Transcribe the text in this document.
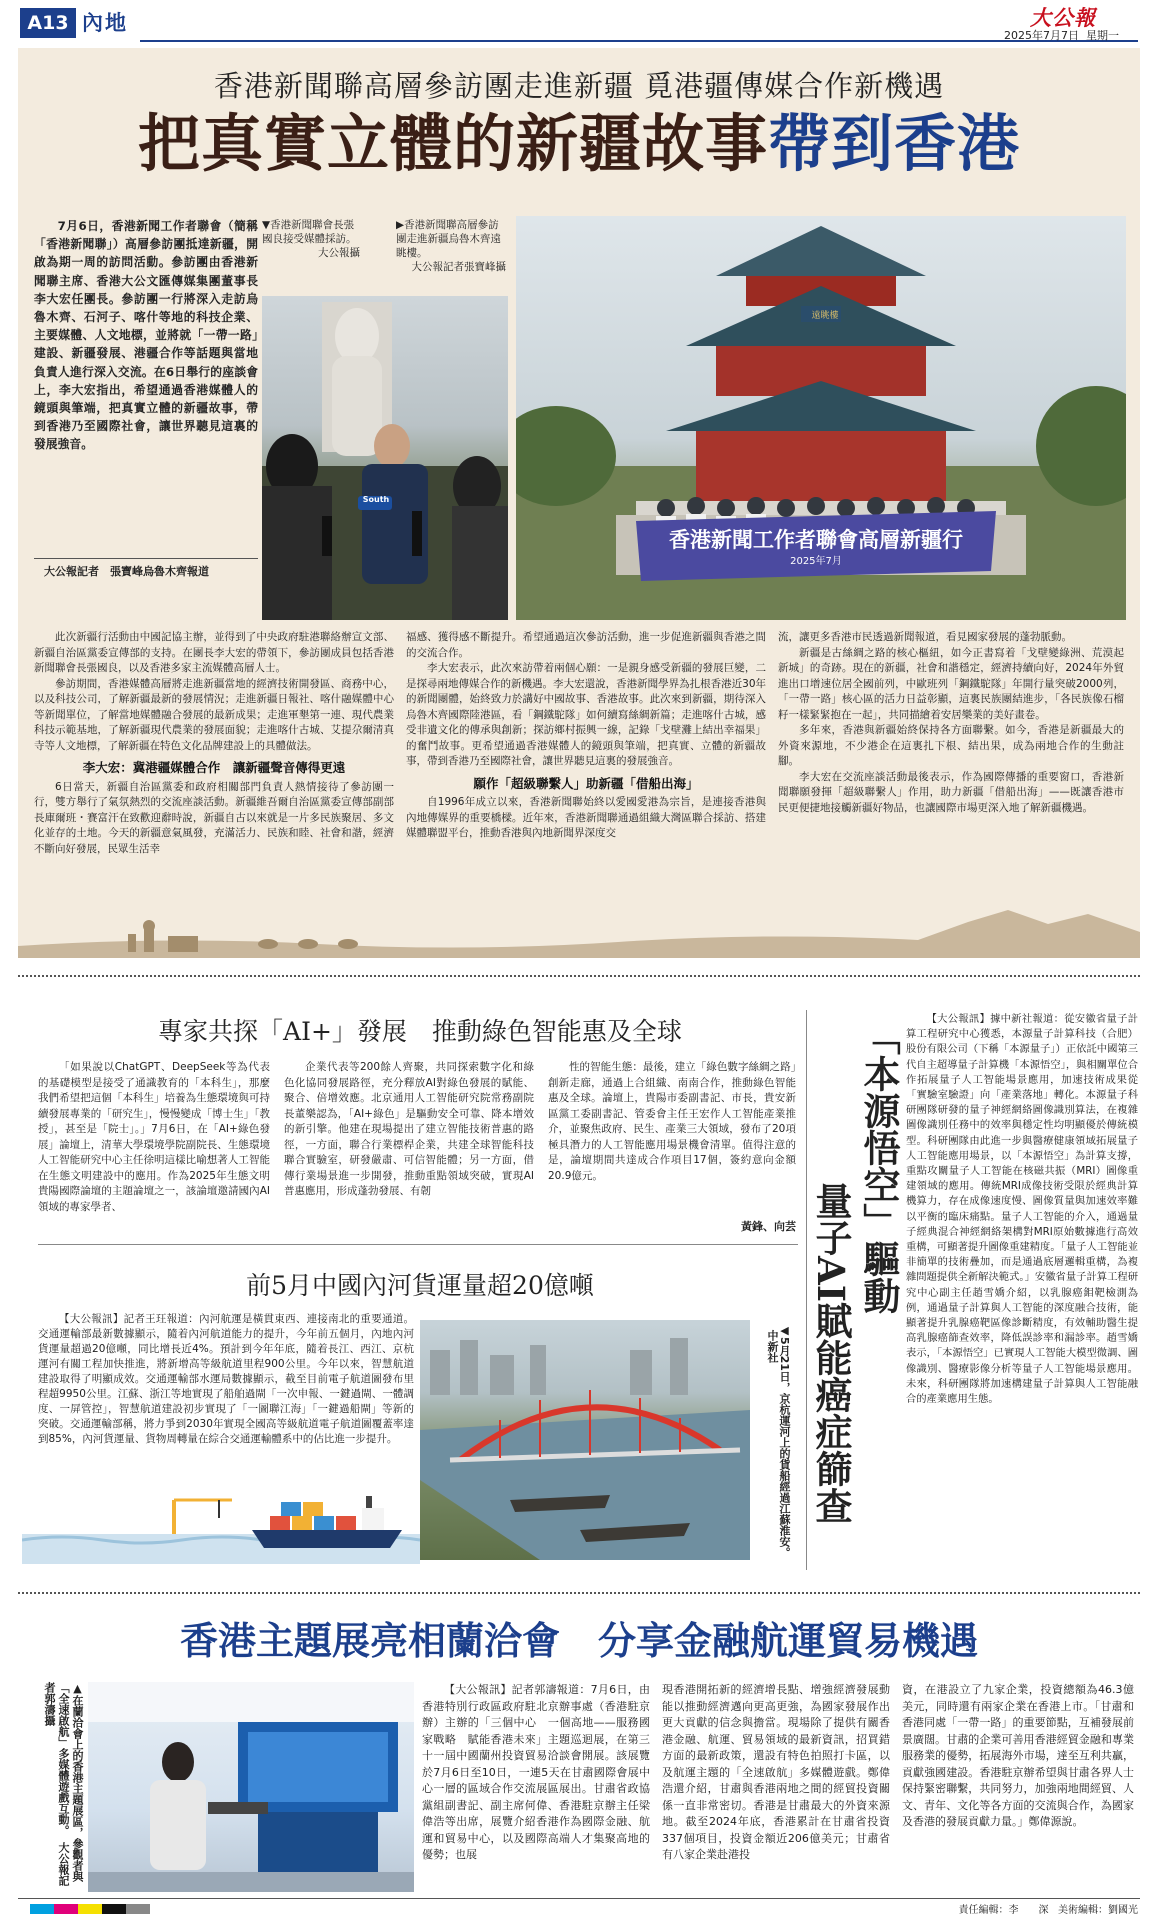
A13 內地	大公報
2025年7月7日 星期一
香港新聞聯高層參訪團走進新疆 覓港疆傳媒合作新機遇
把真實立體的新疆故事帶到香港

7月6日，香港新聞工作者聯會（簡稱「香港新聞聯」）高層參訪團抵達新疆，開啟為期一周的訪問活動。參訪團由香港新聞聯主席、香港大公文匯傳媒集團董事長李大宏任團長。參訪團一行將深入走訪烏魯木齊、石河子、喀什等地的科技企業、主要媒體、人文地標，並將就「一帶一路」建設、新疆發展、港疆合作等話題與當地負責人進行深入交流。在6日舉行的座談會上，李大宏指出，希望通過香港媒體人的鏡頭與筆端，把真實立體的新疆故事，帶到香港乃至國際社會，讓世界聽見這裏的發展強音。

大公報記者　張寶峰烏魯木齊報道
▼香港新聞聯會長張國良接受媒體採訪。

大公報攝
▶香港新聞聯高層參訪團走進新疆烏魯木齊遠眺樓。

大公報記者張寶峰攝
South
遠眺樓
香港新聞工作者聯會高層新疆行
2025年7月

此次新疆行活動由中國記協主辦，並得到了中央政府駐港聯絡辦宣文部、新疆自治區黨委宣傳部的支持。在團長李大宏的帶領下，參訪團成員包括香港新聞聯會長張國良，以及香港多家主流媒體高層人士。

參訪期間，香港媒體高層將走進新疆當地的經濟技術開發區、商務中心，以及科技公司，了解新疆最新的發展情況；走進新疆日報社、喀什融媒體中心等新聞單位，了解當地媒體融合發展的最新成果；走進軍墾第一連、現代農業科技示範基地，了解新疆現代農業的發展面貌；走進喀什古城、艾提尕爾清真寺等人文地標，了解新疆在特色文化品牌建設上的具體做法。

李大宏：冀港疆媒體合作　讓新疆聲音傳得更遠

6日當天，新疆自治區黨委和政府相關部門負責人熱情接待了參訪團一行，雙方舉行了氣氛熱烈的交流座談活動。新疆維吾爾自治區黨委宣傳部副部長庫爾班・賽富汗在致歡迎辭時說，新疆自古以來就是一片多民族聚居、多文化並存的土地。今天的新疆意氣風發，充滿活力、民族和睦、社會和諧，經濟不斷向好發展，民眾生活幸

福感、獲得感不斷提升。希望通過這次參訪活動，進一步促進新疆與香港之間的交流合作。

李大宏表示，此次來訪帶着兩個心願：一是親身感受新疆的發展巨變，二是探尋兩地傳媒合作的新機遇。李大宏還說，香港新聞學界為扎根香港近30年的新聞團體，始終致力於講好中國故事、香港故事。此次來到新疆，期待深入烏魯木齊國際陸港區，看「鋼鐵駝隊」如何續寫絲綢新篇；走進喀什古城，感受非遺文化的傳承與創新；探訪鄉村振興一線，記錄「戈壁灘上結出幸福果」的奮鬥故事。更希望通過香港媒體人的鏡頭與筆端，把真實、立體的新疆故事，帶到香港乃至國際社會，讓世界聽見這裏的發展強音。

願作「超級聯繫人」助新疆「借船出海」

自1996年成立以來，香港新聞聯始終以愛國愛港為宗旨，是連接香港與內地傳媒界的重要橋樑。近年來，香港新聞聯通過組織大灣區聯合採訪、搭建媒體聯盟平台，推動香港與內地新聞界深度交

流，讓更多香港市民透過新聞報道，看見國家發展的蓬勃脈動。

新疆是古絲綢之路的核心樞紐，如今正書寫着「戈壁變綠洲、荒漠起新城」的奇跡。現在的新疆，社會和諧穩定，經濟持續向好，2024年外貿進出口增速位居全國前列，中歐班列「鋼鐵駝隊」年開行量突破2000列，「一帶一路」核心區的活力日益彰顯，這裏民族團結進步，「各民族像石榴籽一樣緊緊抱在一起」，共同描繪着安居樂業的美好畫卷。

多年來，香港與新疆始終保持各方面聯繫。如今，香港是新疆最大的外資來源地，不少港企在這裏扎下根、結出果，成為兩地合作的生動註腳。

李大宏在交流座談活動最後表示，作為國際傳播的重要窗口，香港新聞聯願發揮「超級聯繫人」作用，助力新疆「借船出海」——既讓香港市民更便捷地接觸新疆好物品，也讓國際市場更深入地了解新疆機遇。

專家共探「AI+」發展　推動綠色智能惠及全球

「如果說以ChatGPT、DeepSeek等為代表的基礎模型是接受了通識教育的「本科生」，那麼我們希望把這個「本科生」培養為生態環境與可持續發展專業的「研究生」，慢慢變成「博士生」「教授」，甚至是「院士」。」7月6日，在「AI+綠色發展」論壇上，清華大學環境學院副院長、生態環境人工智能研究中心主任徐明這樣比喻想著人工智能在生態文明建設中的應用。作為2025年生態文明貴陽國際論壇的主題論壇之一，該論壇邀請國內AI領域的專家學者、

企業代表等200餘人齊聚，共同探索數字化和綠色化協同發展路徑，充分釋放AI對綠色發展的賦能、聚合、倍增效應。北京通用人工智能研究院常務副院長董樂認為，「AI+綠色」是驅動安全可靠、降本增效的新引擎。他建在現場提出了建立智能技術普惠的路徑，一方面，聯合行業標桿企業，共建全球智能科技聯合實驗室，研發嚴肅、可信智能體；另一方面，借傳行業場景進一步開發，推動重點領域突破，實現AI普惠應用，形成蓬勃發展、有韌

性的智能生態：最後，建立「綠色數字絲綢之路」創新走廊，通過上合組織、南南合作，推動綠色智能惠及全球。論壇上，貴陽市委副書記、市長，貴安新區黨工委副書記、管委會主任王宏作人工智能產業推介，並聚焦政府、民生、產業三大領域，發布了20項極具潛力的人工智能應用場景機會清單。值得注意的是，論壇期間共達成合作項目17個，簽約意向金額20.9億元。

黃鋒、向芸
前5月中國內河貨運量超20億噸

【大公報訊】記者王玨報道：內河航運是橫貫東西、連接南北的重要通道。交通運輸部最新數據顯示，隨着內河航道能力的提升，今年前五個月，內地內河貨運量超過20億噸，同比增長近4%。預計到今年年底，隨着長江、西江、京杭運河有關工程加快推進，將新增高等級航道里程900公里。今年以來，智慧航道建設取得了明顯成效。交通運輸部水運局數據顯示，截至目前電子航道圖發布里程超9950公里。江蘇、浙江等地實現了船舶過閘「一次申報、一鍵過閘、一體調度、一屏管控」，智慧航道建設初步實現了「一圖聯江海」「一鍵過船閘」等新的突破。交通運輸部稱，將力爭到2030年實現全國高等級航道電子航道圖覆蓋率達到85%，內河貨運量、貨物周轉量在綜合交通運輸體系中的佔比進一步提升。	◀5月21日，京杭運河上的貨船經過江蘇淮安。中新社
「本源悟空」驅動
量子AI賦能癌症篩查

【大公報訊】據中新社報道：從安徽省量子計算工程研究中心獲悉，本源量子計算科技（合肥）股份有限公司（下稱「本源量子」）正依託中國第三代自主超導量子計算機「本源悟空」，與相關單位合作拓展量子人工智能場景應用，加速技術成果從「實驗室驗證」向「產業落地」轉化。本源量子科研團隊研發的量子神經網絡圖像識別算法，在複雜圖像識別任務中的效率與穩定性均明顯優於傳統模型。科研團隊由此進一步與醫療健康領域拓展量子人工智能應用場景，以「本源悟空」為計算支撐，重點攻關量子人工智能在核磁共振（MRI）圖像重建領域的應用。傳統MRI成像技術受限於經典計算機算力，存在成像速度慢、圖像質量與加速效率難以平衡的臨床痛點。量子人工智能的介入，通過量子經典混合神經網絡架構對MRI原始數據進行高效重構，可顯著提升圖像重建精度。「量子人工智能並非簡單的技術疊加，而是通過底層邏輯重構，為複雜問題提供全新解決範式。」安徽省量子計算工程研究中心副主任趙雪嬌介紹，以乳腺癌鉬靶檢測為例，通過量子計算與人工智能的深度融合技術，能顯著提升乳腺癌靶區像診斷精度，有效輔助醫生提高乳腺癌篩查效率，降低誤診率和漏診率。趙雪嬌表示，「本源悟空」已實現人工智能大模型微調、圖像識別、醫療影像分析等量子人工智能場景應用。未來，科研團隊將加速構建量子計算與人工智能融合的產業應用生態。

香港主題展亮相蘭洽會　分享金融航運貿易機遇
▲在蘭洽會上的香港主題展區，參觀者與「全速啟航」多媒體遊戲互動。大公報記者郭濤攝	【大公報訊】記者郭濤報道：7月6日，由香港特別行政區政府駐北京辦事處（香港駐京辦）主辦的「三個中心　一個高地——服務國家戰略　賦能香港未來」主題巡迴展，在第三十一屆中國蘭州投資貿易洽談會開展。該展覽於7月6日至10日，一連5天在甘肅國際會展中心一層的區域合作交流展區展出。甘肅省政協黨組副書記、副主席何偉、香港駐京辦主任梁偉浩等出席，展覽介紹香港作為國際金融、航運和貿易中心，以及國際高端人才集聚高地的優勢；也展

現香港開拓新的經濟增長點、增強經濟發展動能以推動經濟邁向更高更強，為國家發展作出更大貢獻的信念與擔當。現場除了提供有關香港金融、航運、貿易領域的最新資訊，招買錯方面的最新政策，還設有特色拍照打卡區，以及航運主題的「全速啟航」多媒體遊戲。鄭偉浩還介紹，甘肅與香港兩地之間的經貿投資關係一直非常密切。香港是甘肅最大的外資來源地。截至2024年底，香港累計在甘肅省投資337個項目，投資金額近206億美元；甘肅省有八家企業赴港投

資，在港設立了九家企業，投資總額為46.3億美元，同時還有兩家企業在香港上市。「甘肅和香港同處「一帶一路」的重要節點，互補發展前景廣闊。甘肅的企業可善用香港經貿金融和專業服務業的優勢，拓展海外市場，達至互利共贏，貢獻強國建設。香港駐京辦希望與甘肅各界人士保持緊密聯繫，共同努力，加強兩地間經貿、人文、青年、文化等各方面的交流與合作，為國家及香港的發展貢獻力量。」鄭偉源說。

責任編輯：李　　深 美術編輯：劉國光
